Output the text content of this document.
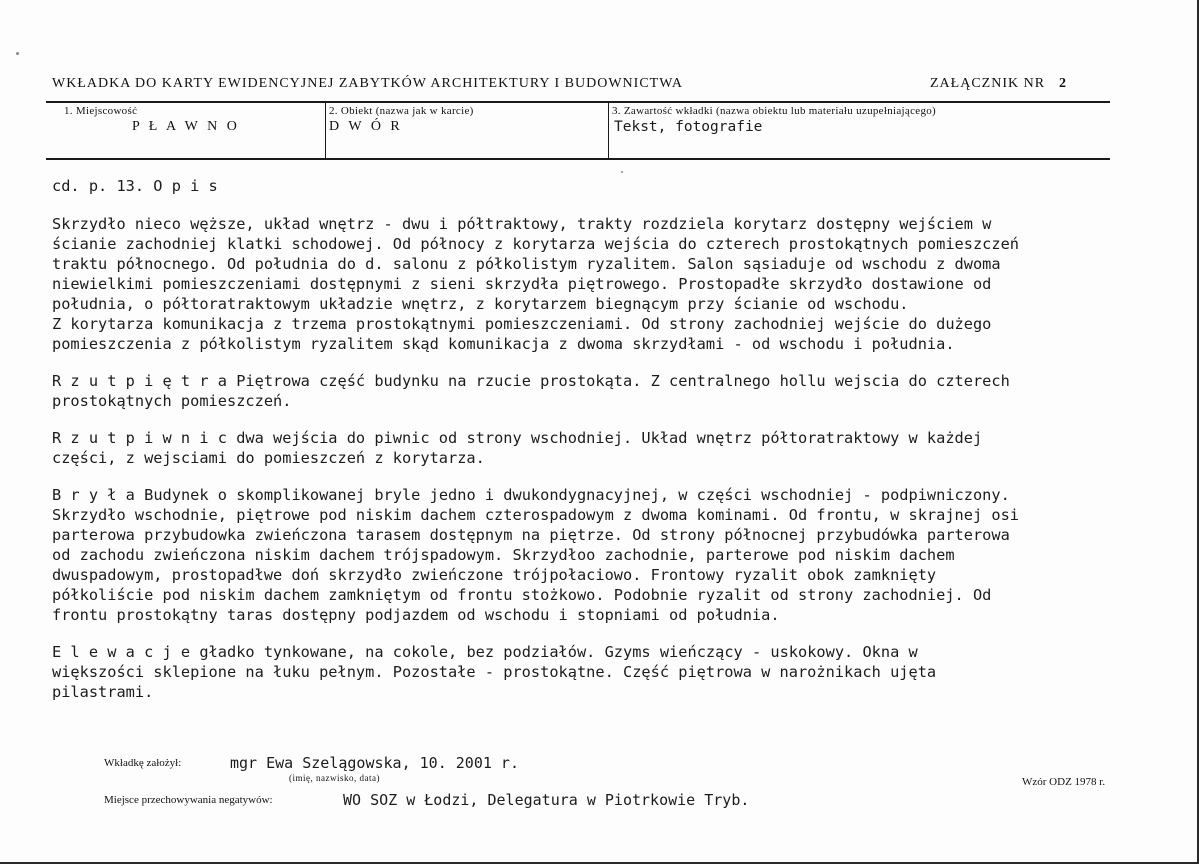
WKŁADKA DO KARTY EWIDENCYJNEJ ZABYTKÓW ARCHITEKTURY I BUDOWNICTWA	ZAŁĄCZNIK NR 2
1. Miejscowość
P Ł A W N O
2. Obiekt (nazwa jak w karcie)
D W Ó R
3. Zawartość wkładki (nazwa obiektu lub materiału uzupełniającego)
Tekst, fotografie

cd. p. 13. O p i s

Skrzydło nieco węższe, układ wnętrz - dwu i półtraktowy, trakty rozdziela korytarz dostępny wejściem w
ścianie zachodniej klatki schodowej. Od północy z korytarza wejścia do czterech prostokątnych pomieszczeń
traktu północnego. Od południa do d. salonu z półkolistym ryzalitem. Salon sąsiaduje od wschodu z dwoma
niewielkimi pomieszczeniami dostępnymi z sieni skrzydła piętrowego. Prostopadłe skrzydło dostawione od
południa, o półtoratraktowym układzie wnętrz, z korytarzem biegnącym przy ścianie od wschodu.
Z korytarza komunikacja z trzema prostokątnymi pomieszczeniami. Od strony zachodniej wejście do dużego
pomieszczenia z półkolistym ryzalitem skąd komunikacja z dwoma skrzydłami - od wschodu i południa.

R z u t p i ę t r a Piętrowa część budynku na rzucie prostokąta. Z centralnego hollu wejscia do czterech
prostokątnych pomieszczeń.

R z u t p i w n i c dwa wejścia do piwnic od strony wschodniej. Układ wnętrz półtoratraktowy w każdej
części, z wejsciami do pomieszczeń z korytarza.

B r y ł a Budynek o skomplikowanej bryle jedno i dwukondygnacyjnej, w części wschodniej - podpiwniczony.
Skrzydło wschodnie, piętrowe pod niskim dachem czterospadowym z dwoma kominami. Od frontu, w skrajnej osi
parterowa przybudowka zwieńczona tarasem dostępnym na piętrze. Od strony północnej przybudówka parterowa
od zachodu zwieńczona niskim dachem trójspadowym. Skrzydłoo zachodnie, parterowe pod niskim dachem
dwuspadowym, prostopadłwe doń skrzydło zwieńczone trójpołaciowo. Frontowy ryzalit obok zamknięty
półkoliście pod niskim dachem zamkniętym od frontu stożkowo. Podobnie ryzalit od strony zachodniej. Od
frontu prostokątny taras dostępny podjazdem od wschodu i stopniami od południa.

E l e w a c j e gładko tynkowane, na cokole, bez podziałów. Gzyms wieńczący - uskokowy. Okna w
większości sklepione na łuku pełnym. Pozostałe - prostokątne. Część piętrowa w narożnikach ujęta
pilastrami.

Wkładkę założył:	mgr Ewa Szelągowska, 10. 2001 r.
(imię, nazwisko, data)	Wzór ODZ 1978 r.
Miejsce przechowywania negatywów:	WO SOZ w Łodzi, Delegatura w Piotrkowie Tryb.
